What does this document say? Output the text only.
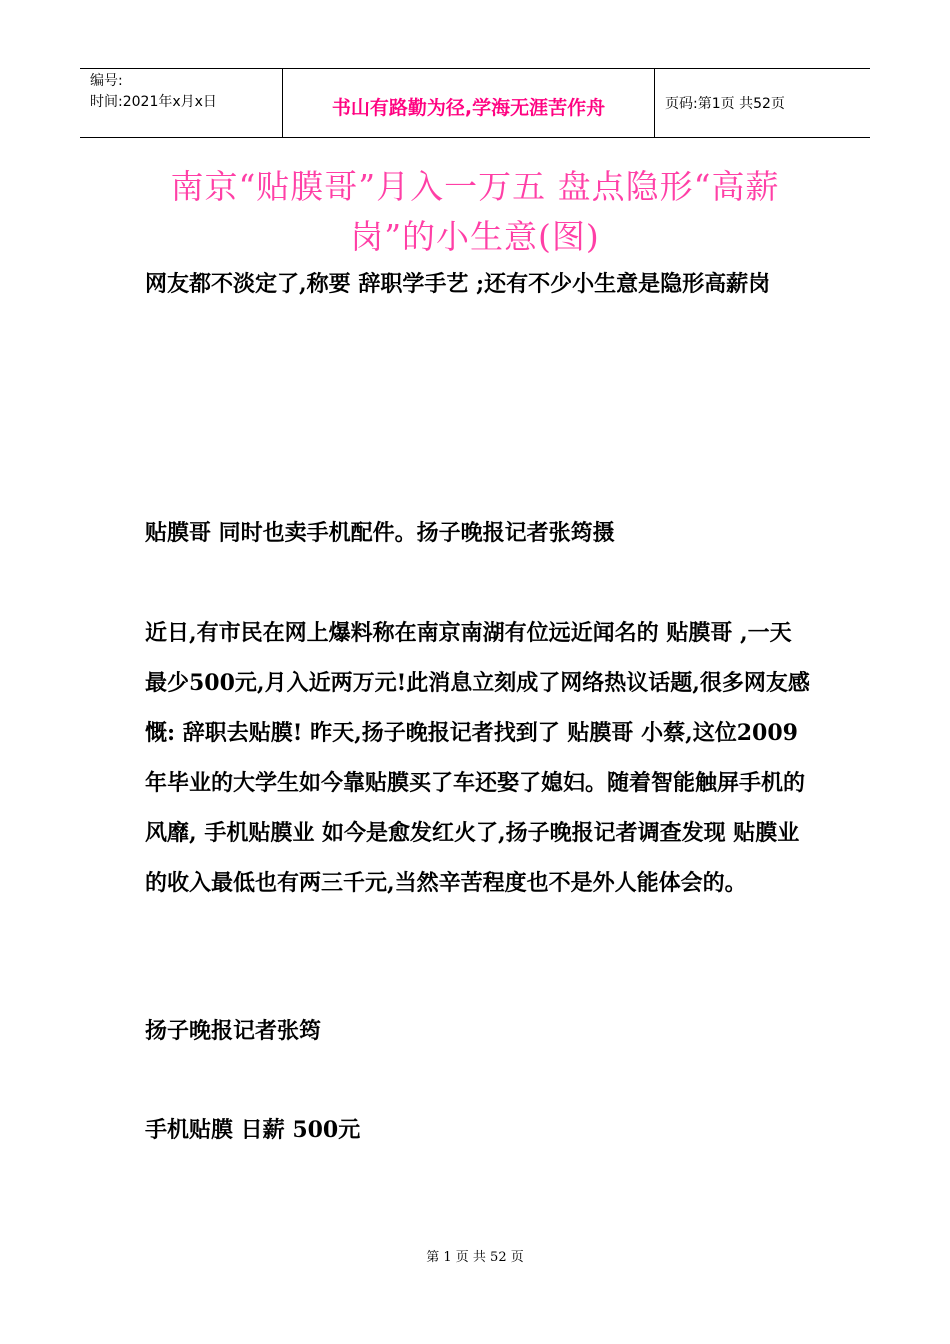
编号:
时间:2021年x月x日	书山有路勤为径,学海无涯苦作舟	页码:第1页 共52页
南京“贴膜哥”月入一万五 盘点隐形“高薪岗”的小生意(图)
网友都不淡定了,称要 辞职学手艺 ;还有不少小生意是隐形高薪岗
贴膜哥 同时也卖手机配件。扬子晚报记者张筠摄
近日,有市民在网上爆料称在南京南湖有位远近闻名的 贴膜哥 ,一天最少500元,月入近两万元!此消息立刻成了网络热议话题,很多网友感慨: 辞职去贴膜! 昨天,扬子晚报记者找到了 贴膜哥 小蔡,这位2009年毕业的大学生如今靠贴膜买了车还娶了媳妇。随着智能触屏手机的风靡, 手机贴膜业 如今是愈发红火了,扬子晚报记者调查发现 贴膜业 的收入最低也有两三千元,当然辛苦程度也不是外人能体会的。
扬子晚报记者张筠
手机贴膜 日薪 500元
第 1 页 共 52 页
